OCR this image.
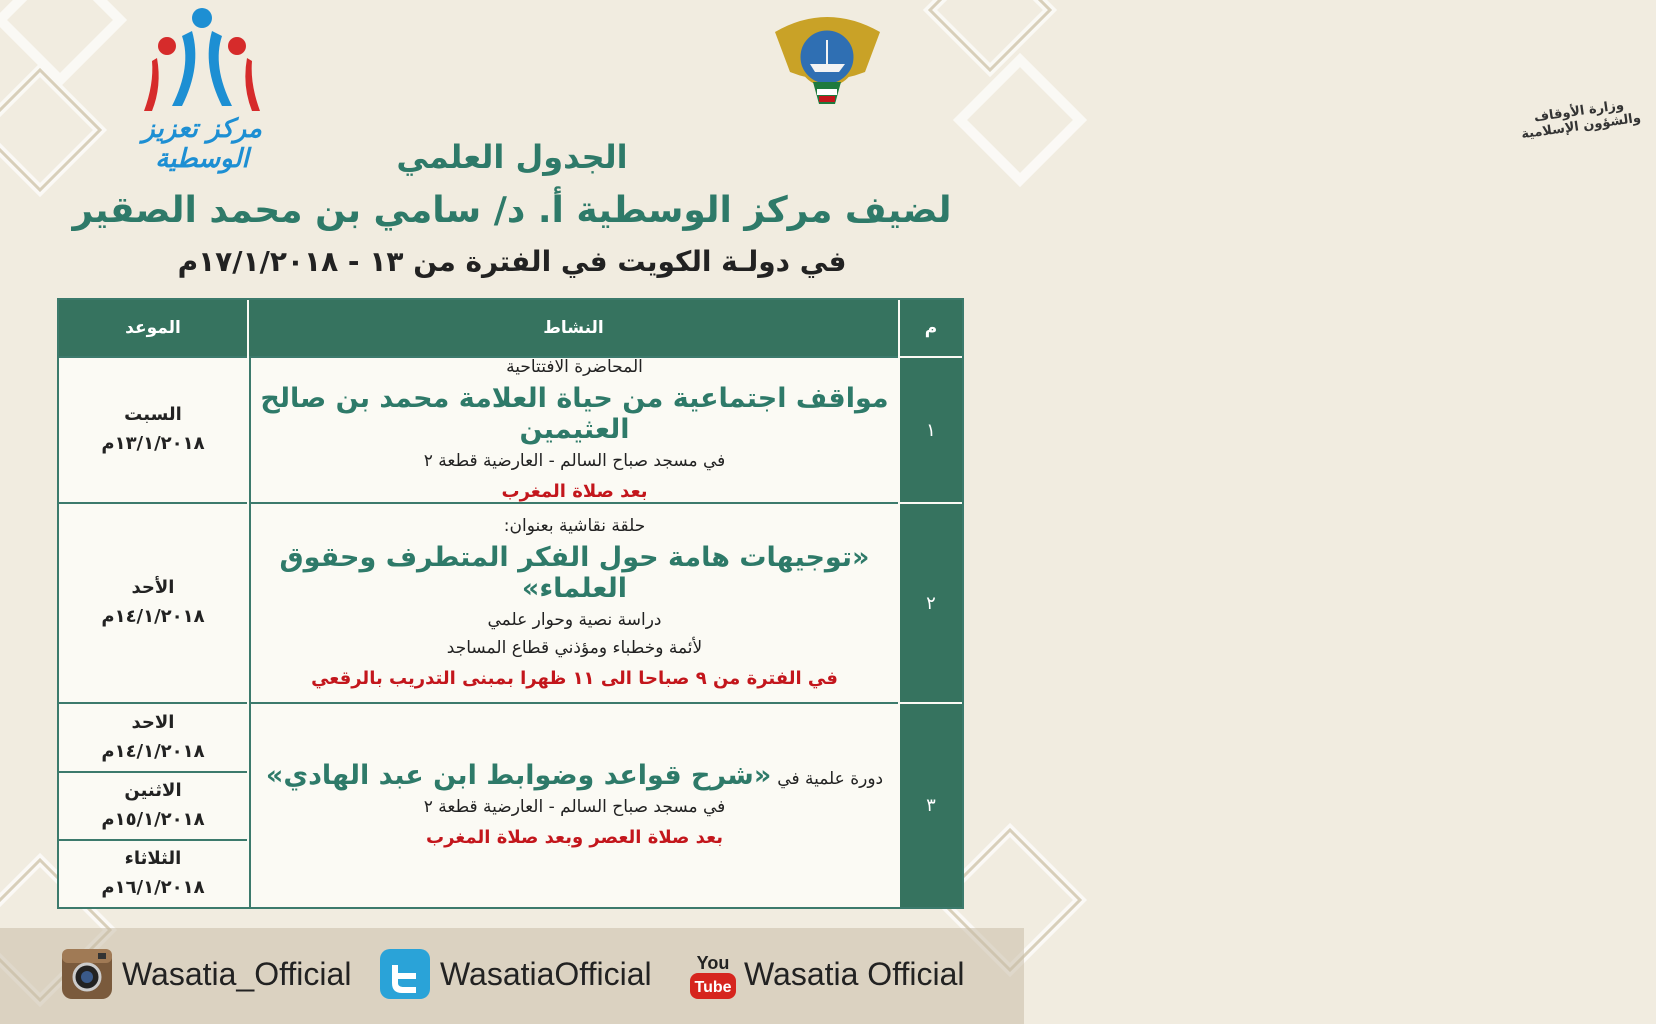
مركز تعزيز الوسطية
وزارة الأوقاف والشؤون الإسلامية
الجدول العلمي
لضيف مركز الوسطية أ. د/ سامي بن محمد الصقير
في دولـة الكويت في الفترة من ١٣ - ١٧/١/٢٠١٨م
م
النشاط
الموعد
١
المحاضرة الافتتاحية
مواقف اجتماعية من حياة العلامة محمد بن صالح العثيمين
في مسجد صباح السالم - العارضية قطعة ٢
بعد صلاة المغرب
السبت
١٣/١/٢٠١٨م
٢
حلقة نقاشية بعنوان:
«توجيهات هامة حول الفكر المتطرف وحقوق العلماء»
دراسة نصية وحوار علمي
لأئمة وخطباء ومؤذني قطاع المساجد
في الفترة من ٩ صباحا الى ١١ ظهرا بمبنى التدريب بالرقعي
الأحد
١٤/١/٢٠١٨م
٣
دورة علمية في
«شرح قواعد وضوابط ابن عبد الهادي»
في مسجد صباح السالم - العارضية قطعة ٢
بعد صلاة العصر وبعد صلاة المغرب
الاحد
١٤/١/٢٠١٨م
الاثنين
١٥/١/٢٠١٨م
الثلاثاء
١٦/١/٢٠١٨م
Wasatia_Official	WasatiaOfficial	You
Tube Wasatia Official
